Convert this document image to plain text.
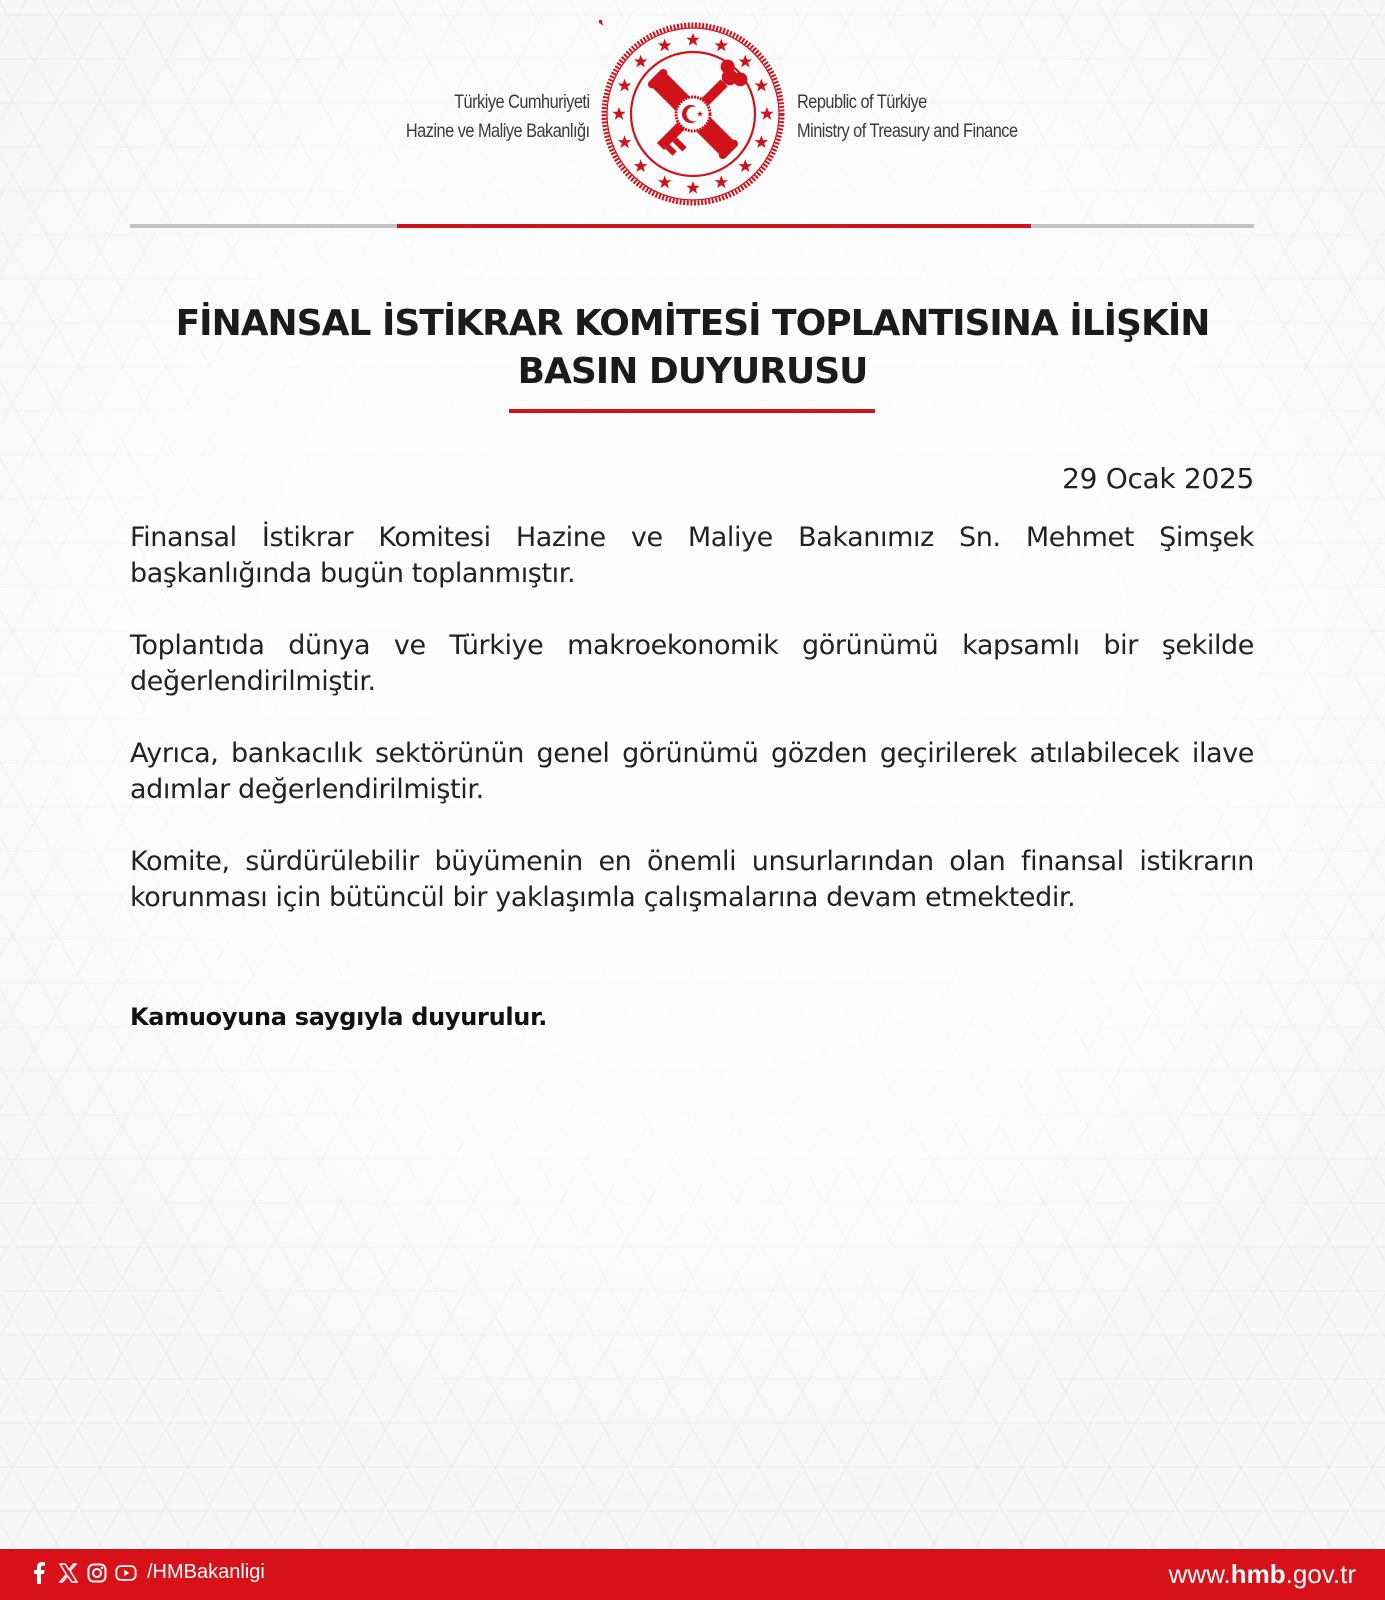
Türkiye Cumhuriyeti
Hazine ve Maliye Bakanlığı
Republic of Türkiye
Ministry of Treasury and Finance
FİNANSAL İSTİKRAR KOMİTESİ TOPLANTISINA İLİŞKİN
BASIN DUYURUSU
29 Ocak 2025

Finansal İstikrar Komitesi Hazine ve Maliye Bakanımız Sn. Mehmet Şimşek başkanlığında bugün toplanmıştır.

Toplantıda dünya ve Türkiye makroekonomik görünümü kapsamlı bir şekilde değerlendirilmiştir.

Ayrıca, bankacılık sektörünün genel görünümü gözden geçirilerek atılabilecek ilave adımlar değerlendirilmiştir.

Komite, sürdürülebilir büyümenin en önemli unsurlarından olan finansal istikrarın korunması için bütüncül bir yaklaşımla çalışmalarına devam etmektedir.

Kamuoyuna saygıyla duyurulur.
/HMBakanligi	www.hmb.gov.tr
